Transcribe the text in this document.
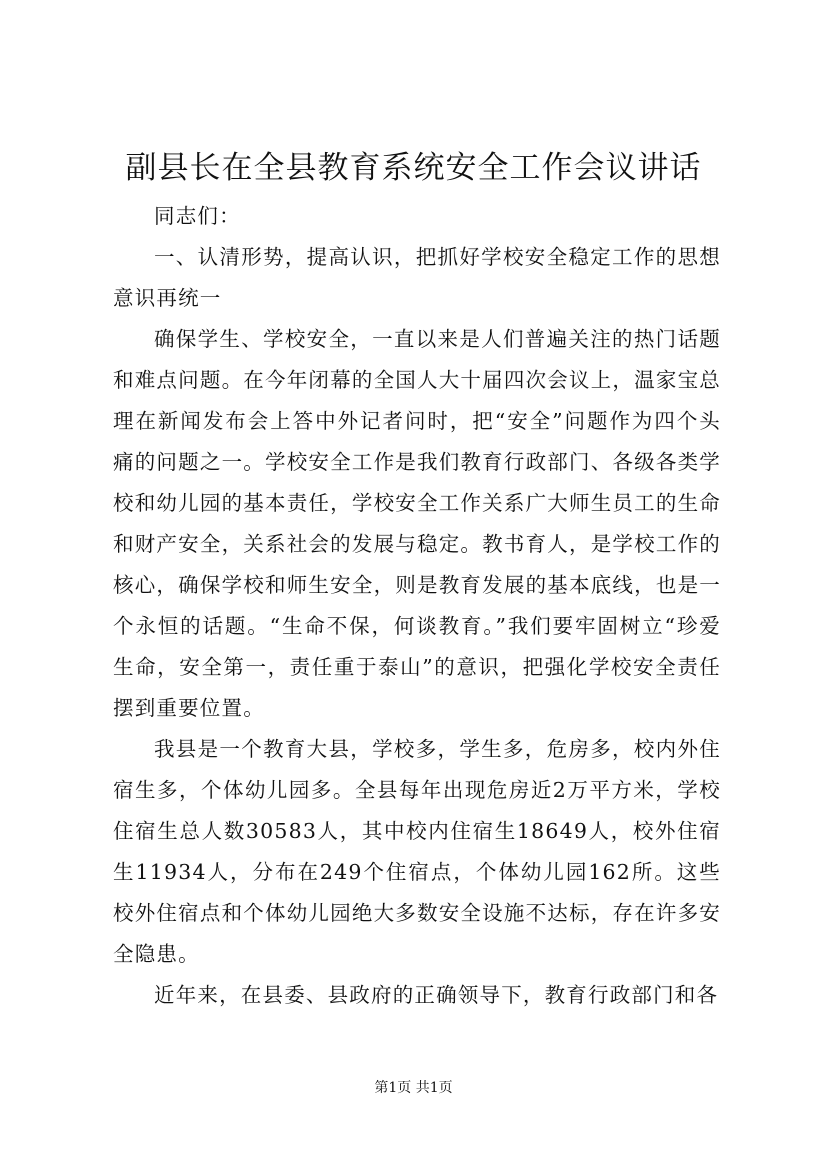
副县长在全县教育系统安全工作会议讲话

同志们：

一、认清形势，提高认识，把抓好学校安全稳定工作的思想意识再统一

确保学生、学校安全，一直以来是人们普遍关注的热门话题和难点问题。在今年闭幕的全国人大十届四次会议上，温家宝总理在新闻发布会上答中外记者问时，把“安全”问题作为四个头痛的问题之一。学校安全工作是我们教育行政部门、各级各类学校和幼儿园的基本责任，学校安全工作关系广大师生员工的生命和财产安全，关系社会的发展与稳定。教书育人，是学校工作的核心，确保学校和师生安全，则是教育发展的基本底线，也是一个永恒的话题。“生命不保，何谈教育。”我们要牢固树立“珍爱生命，安全第一，责任重于泰山”的意识，把强化学校安全责任摆到重要位置。

我县是一个教育大县，学校多，学生多，危房多，校内外住宿生多，个体幼儿园多。全县每年出现危房近2万平方米，学校住宿生总人数30583人，其中校内住宿生18649人，校外住宿生11934人，分布在249个住宿点，个体幼儿园162所。这些校外住宿点和个体幼儿园绝大多数安全设施不达标，存在许多安全隐患。

近年来，在县委、县政府的正确领导下，教育行政部门和各

第1页 共1页
